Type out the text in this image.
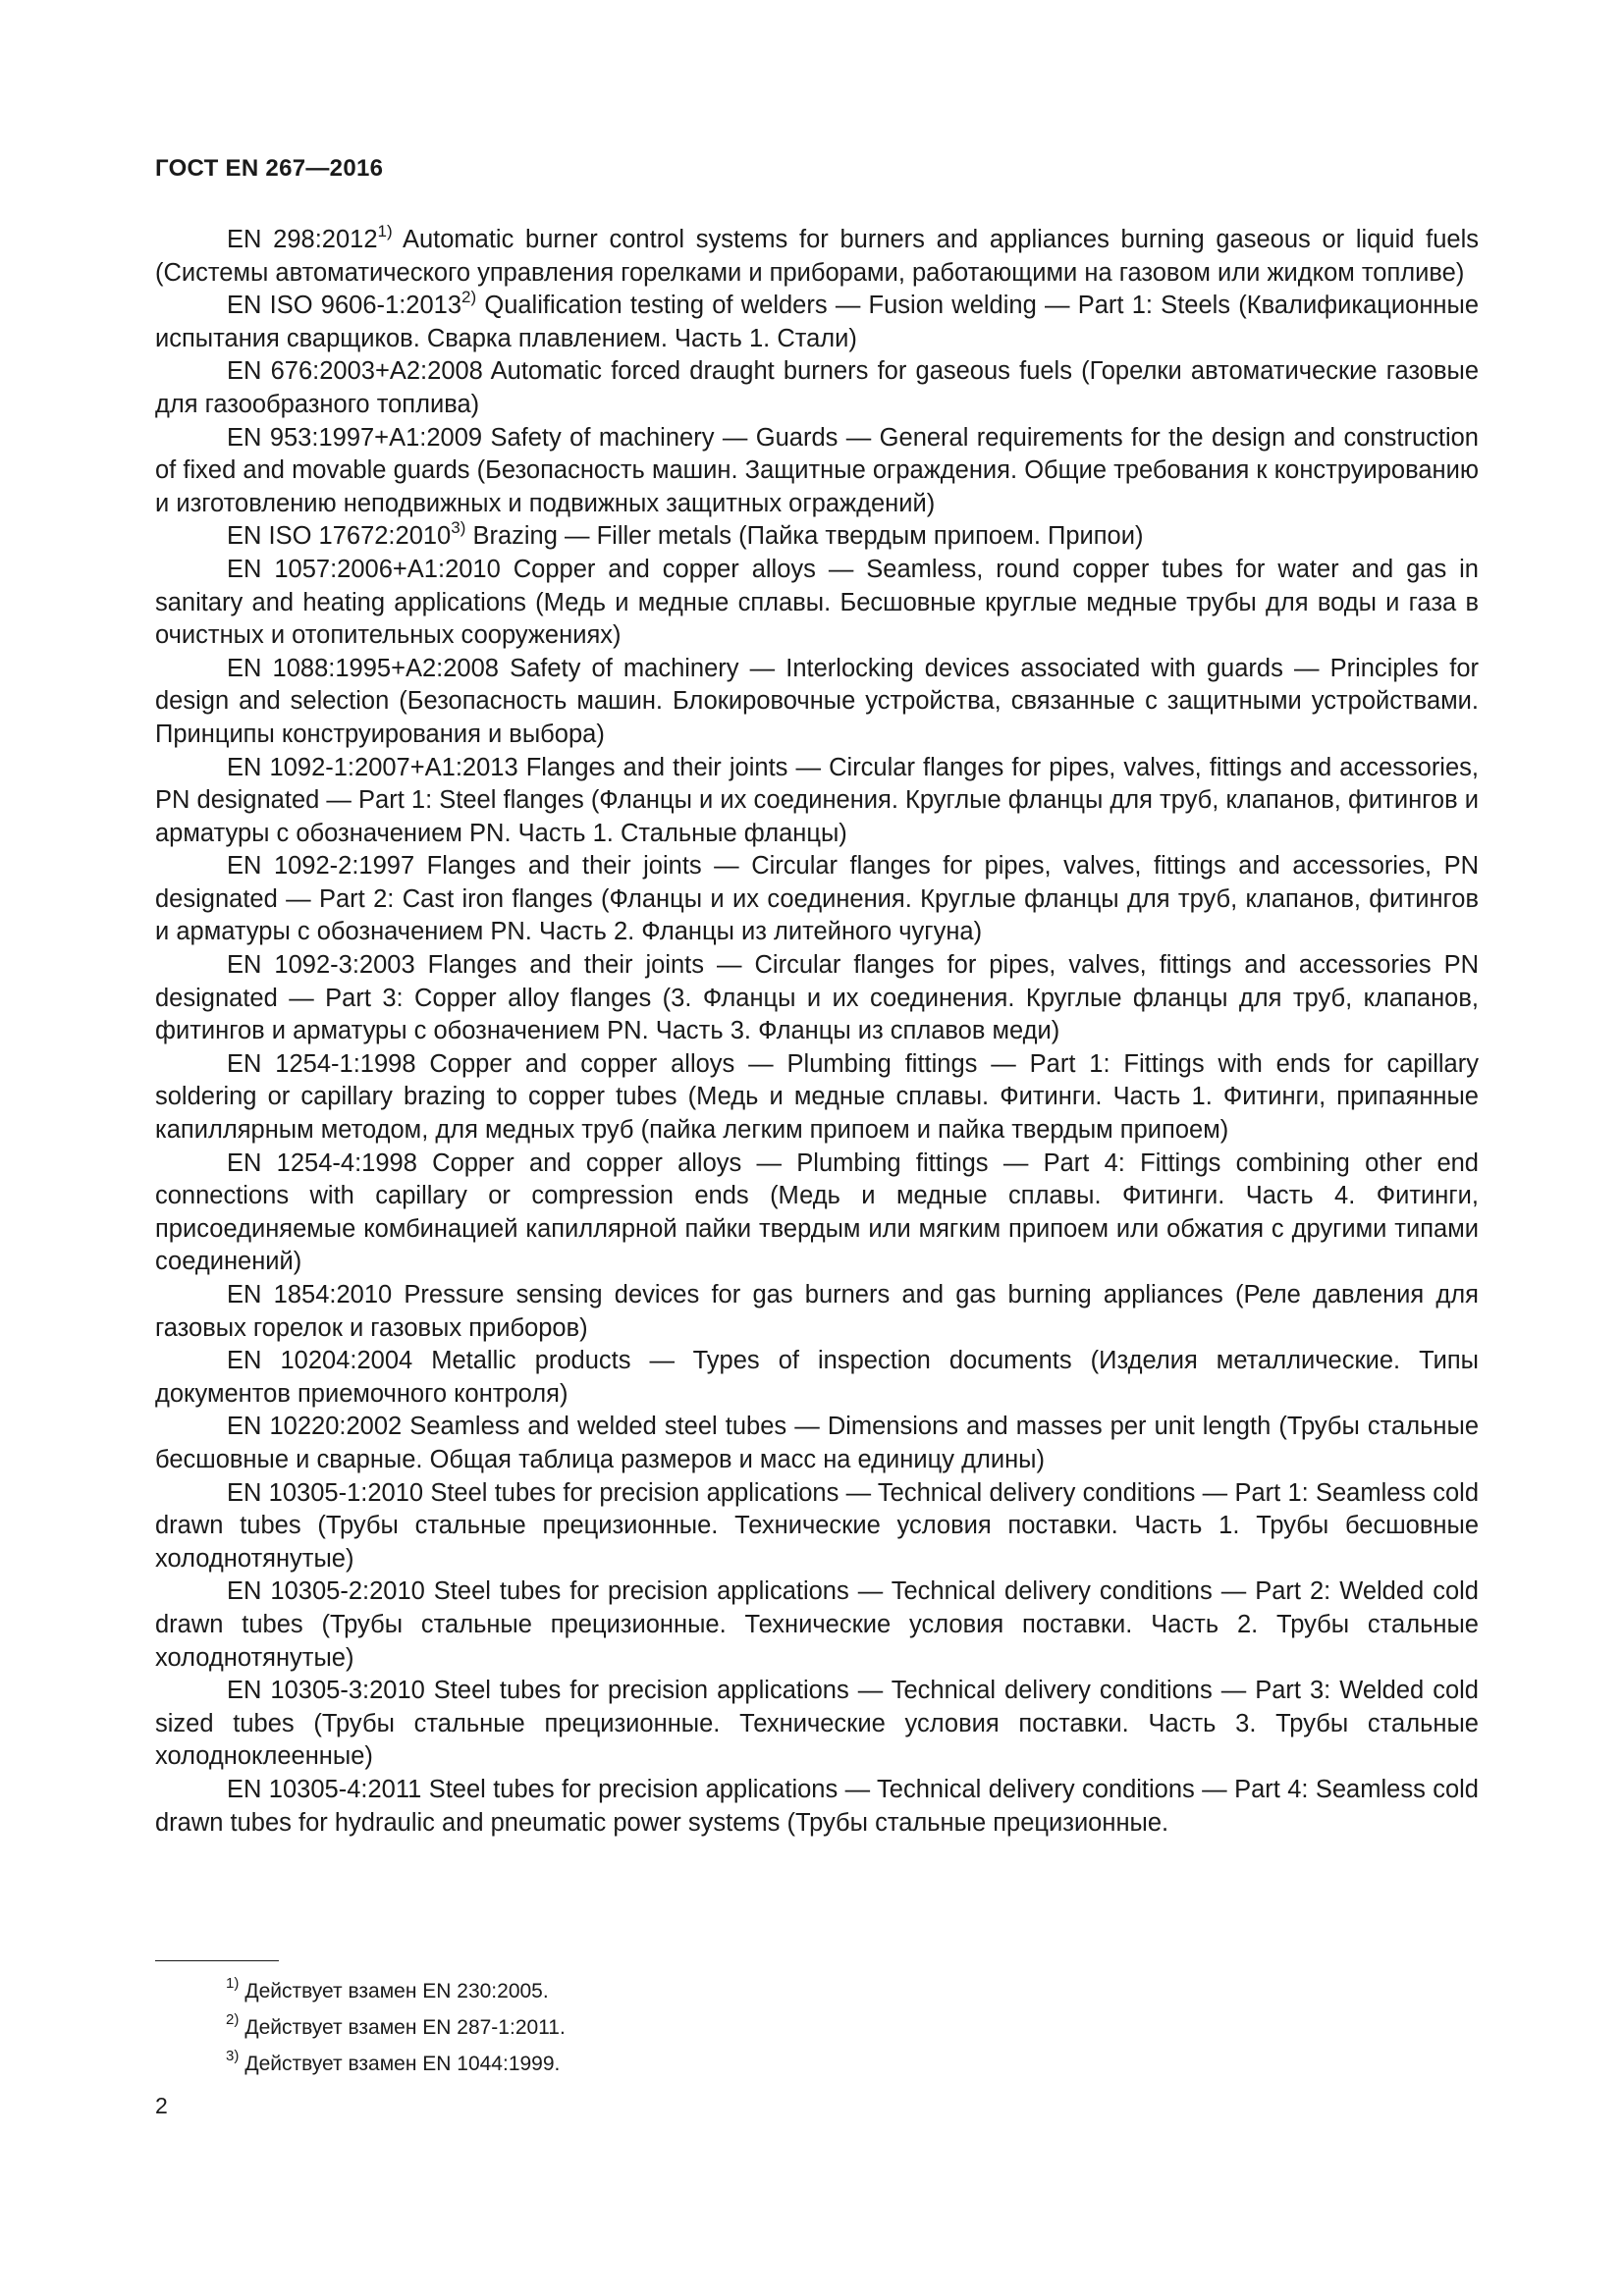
ГОСТ EN 267—2016

EN 298:2012$^{1)}$ Automatic burner control systems for burners and appliances burning gaseous or liquid fuels (Системы автоматического управления горелками и приборами, работающими на газовом или жидком топливе)

EN ISO 9606-1:2013$^{2)}$ Qualification testing of welders — Fusion welding — Part 1: Steels (Квалификационные испытания сварщиков. Сварка плавлением. Часть 1. Стали)

EN 676:2003+A2:2008 Automatic forced draught burners for gaseous fuels (Горелки автоматические газовые для газообразного топлива)

EN 953:1997+A1:2009 Safety of machinery — Guards — General requirements for the design and construction of fixed and movable guards (Безопасность машин. Защитные ограждения. Общие требования к конструированию и изготовлению неподвижных и подвижных защитных ограждений)

EN ISO 17672:2010$^{3)}$ Brazing — Filler metals (Пайка твердым припоем. Припои)

EN 1057:2006+A1:2010 Copper and copper alloys — Seamless, round copper tubes for water and gas in sanitary and heating applications (Медь и медные сплавы. Бесшовные круглые медные трубы для воды и газа в очистных и отопительных сооружениях)

EN 1088:1995+A2:2008 Safety of machinery — Interlocking devices associated with guards — Principles for design and selection (Безопасность машин. Блокировочные устройства, связанные с защитными устройствами. Принципы конструирования и выбора)

EN 1092-1:2007+A1:2013 Flanges and their joints — Circular flanges for pipes, valves, fittings and accessories, PN designated — Part 1: Steel flanges (Фланцы и их соединения. Круглые фланцы для труб, клапанов, фитингов и арматуры с обозначением PN. Часть 1. Стальные фланцы)

EN 1092-2:1997 Flanges and their joints — Circular flanges for pipes, valves, fittings and accessories, PN designated — Part 2: Cast iron flanges (Фланцы и их соединения. Круглые фланцы для труб, клапанов, фитингов и арматуры с обозначением PN. Часть 2. Фланцы из литейного чугуна)

EN 1092-3:2003 Flanges and their joints — Circular flanges for pipes, valves, fittings and accessories PN designated — Part 3: Copper alloy flanges (3. Фланцы и их соединения. Круглые фланцы для труб, клапанов, фитингов и арматуры с обозначением PN. Часть 3. Фланцы из сплавов меди)

EN 1254-1:1998 Copper and copper alloys — Plumbing fittings — Part 1: Fittings with ends for capillary soldering or capillary brazing to copper tubes (Медь и медные сплавы. Фитинги. Часть 1. Фитинги, припаянные капиллярным методом, для медных труб (пайка легким припоем и пайка твердым припоем)

EN 1254-4:1998 Copper and copper alloys — Plumbing fittings — Part 4: Fittings combining other end connections with capillary or compression ends (Медь и медные сплавы. Фитинги. Часть 4. Фитинги, присоединяемые комбинацией капиллярной пайки твердым или мягким припоем или обжатия с другими типами соединений)

EN 1854:2010 Pressure sensing devices for gas burners and gas burning appliances (Реле давления для газовых горелок и газовых приборов)

EN 10204:2004 Metallic products — Types of inspection documents (Изделия металлические. Типы документов приемочного контроля)

EN 10220:2002 Seamless and welded steel tubes — Dimensions and masses per unit length (Трубы стальные бесшовные и сварные. Общая таблица размеров и масс на единицу длины)

EN 10305-1:2010 Steel tubes for precision applications — Technical delivery conditions — Part 1: Seamless cold drawn tubes (Трубы стальные прецизионные. Технические условия поставки. Часть 1. Трубы бесшовные холоднотянутые)

EN 10305-2:2010 Steel tubes for precision applications — Technical delivery conditions — Part 2: Welded cold drawn tubes (Трубы стальные прецизионные. Технические условия поставки. Часть 2. Трубы стальные холоднотянутые)

EN 10305-3:2010 Steel tubes for precision applications — Technical delivery conditions — Part 3: Welded cold sized tubes (Трубы стальные прецизионные. Технические условия поставки. Часть 3. Трубы стальные холодноклеенные)

EN 10305-4:2011 Steel tubes for precision applications — Technical delivery conditions — Part 4: Seamless cold drawn tubes for hydraulic and pneumatic power systems (Трубы стальные прецизионные.

$^{1)}$ Действует взамен EN 230:2005.

$^{2)}$ Действует взамен EN 287-1:2011.

$^{3)}$ Действует взамен EN 1044:1999.

2
